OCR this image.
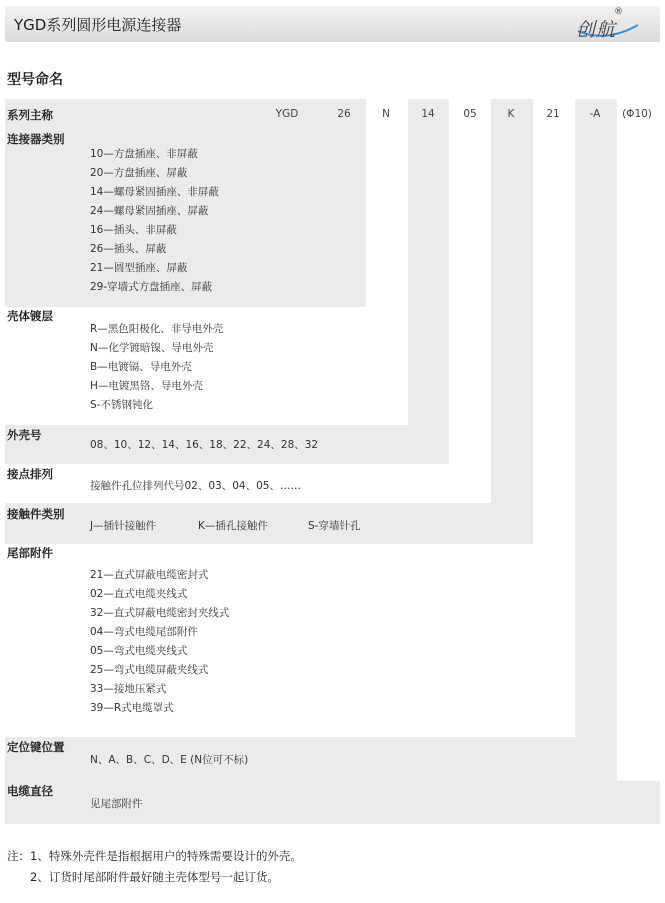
YGD系列圆形电源连接器	创航
®
型号命名
系列主称	YGD	26	N	14	05	K	21	-A	(Φ10)
连接器类别
10—方盘插座、非屏蔽
20—方盘插座、屏蔽
14—螺母紧固插座、非屏蔽
24—螺母紧固插座、屏蔽
16—插头、非屏蔽
26—插头、屏蔽
21—圆型插座、屏蔽
29-穿墙式方盘插座、屏蔽
壳体镀层
R—黑色阳极化、非导电外壳
N—化学镀暗镍、导电外壳
B—电镀镉、导电外壳
H—电镀黑铬、导电外壳
S-不锈钢钝化
外壳号
08、10、12、14、16、18、22、24、28、32
接点排列
接触件孔位排列代号02、03、04、05、……
接触件类别
J—插针接触件	K—插孔接触件	S-穿墙针孔
尾部附件
21—直式屏蔽电缆密封式
02—直式电缆夹线式
32—直式屏蔽电缆密封夹线式
04—弯式电缆尾部附件
05—弯式电缆夹线式
25—弯式电缆屏蔽夹线式
33—接地压紧式
39—R式电缆罩式
定位键位置
N、A、B、C、D、E (N位可不标)
电缆直径
见尾部附件
注：1、特殊外壳件是指根据用户的特殊需要设计的外壳。
2、订货时尾部附件最好随主壳体型号一起订货。
